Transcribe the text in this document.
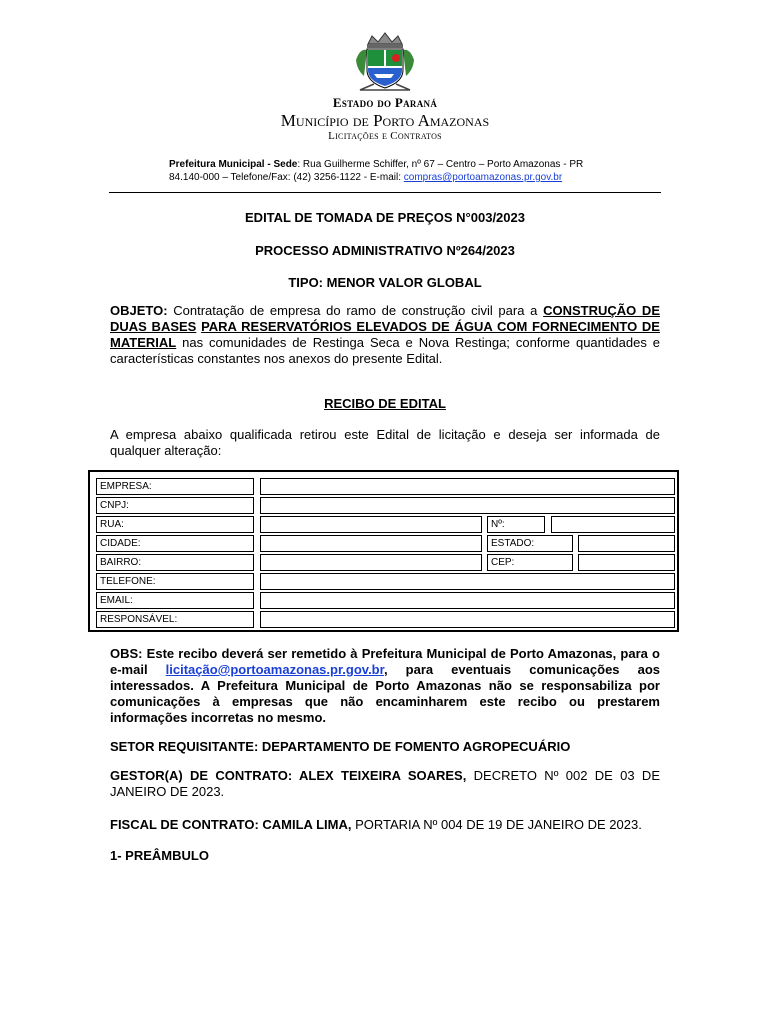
Estado do Paraná
Município de Porto Amazonas
Licitações e Contratos
Prefeitura Municipal - Sede: Rua Guilherme Schiffer, nº 67 – Centro – Porto Amazonas - PR
84.140-000 – Telefone/Fax: (42) 3256-1122 - E-mail: compras@portoamazonas.pr.gov.br
EDITAL DE TOMADA DE PREÇOS N°003/2023
PROCESSO ADMINISTRATIVO Nº264/2023
TIPO: MENOR VALOR GLOBAL
OBJETO: Contratação de empresa do ramo de construção civil para a CONSTRUÇÃO DE DUAS BASES PARA RESERVATÓRIOS ELEVADOS DE ÁGUA COM FORNECIMENTO DE MATERIAL nas comunidades de Restinga Seca e Nova Restinga; conforme quantidades e características constantes nos anexos do presente Edital.
RECIBO DE EDITAL
A empresa abaixo qualificada retirou este Edital de licitação e deseja ser informada de qualquer alteração:
EMPRESA:
CNPJ:
RUA:	Nº:
CIDADE:	ESTADO:
BAIRRO:	CEP:
TELEFONE:
EMAIL:
RESPONSÁVEL:
OBS: Este recibo deverá ser remetido à Prefeitura Municipal de Porto Amazonas, para o e-mail licitação@portoamazonas.pr.gov.br, para eventuais comunicações aos interessados. A Prefeitura Municipal de Porto Amazonas não se responsabiliza por comunicações à empresas que não encaminharem este recibo ou prestarem informações incorretas no mesmo.
SETOR REQUISITANTE: DEPARTAMENTO DE FOMENTO AGROPECUÁRIO
GESTOR(A) DE CONTRATO: ALEX TEIXEIRA SOARES, DECRETO Nº 002 DE 03 DE JANEIRO DE 2023.
FISCAL DE CONTRATO: CAMILA LIMA, PORTARIA Nº 004 DE 19 DE JANEIRO DE 2023.
1- PREÂMBULO
